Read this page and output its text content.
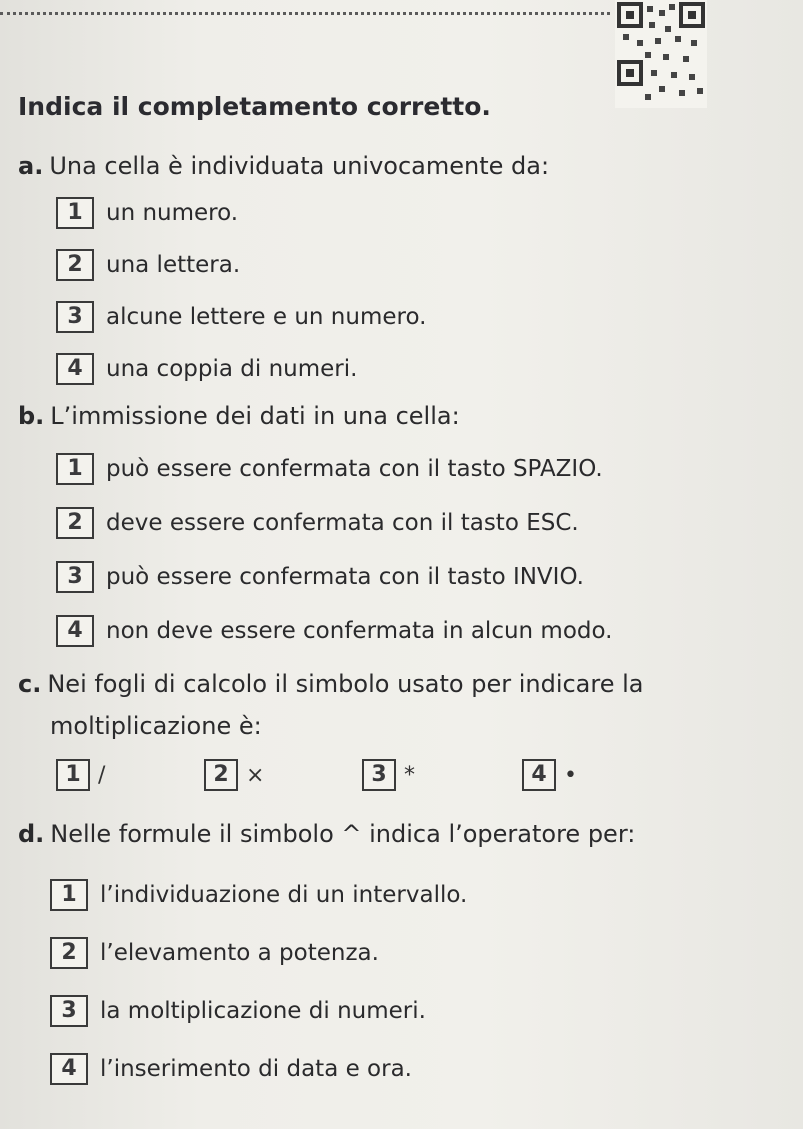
Indica il completamento corretto.
a. Una cella è individuata univocamente da:
1	un numero.
2	una lettera.
3	alcune lettere e un numero.
4	una coppia di numeri.
b. L’immissione dei dati in una cella:
1	può essere confermata con il tasto SPAZIO.
2	deve essere confermata con il tasto ESC.
3	può essere confermata con il tasto INVIO.
4	non deve essere confermata in alcun modo.
c. Nei fogli di calcolo il simbolo usato per indicare la
moltiplicazione è:
1 /	2 ×	3 *	4 •
d. Nelle formule il simbolo ^ indica l’operatore per:
1	l’individuazione di un intervallo.
2	l’elevamento a potenza.
3	la moltiplicazione di numeri.
4	l’inserimento di data e ora.
